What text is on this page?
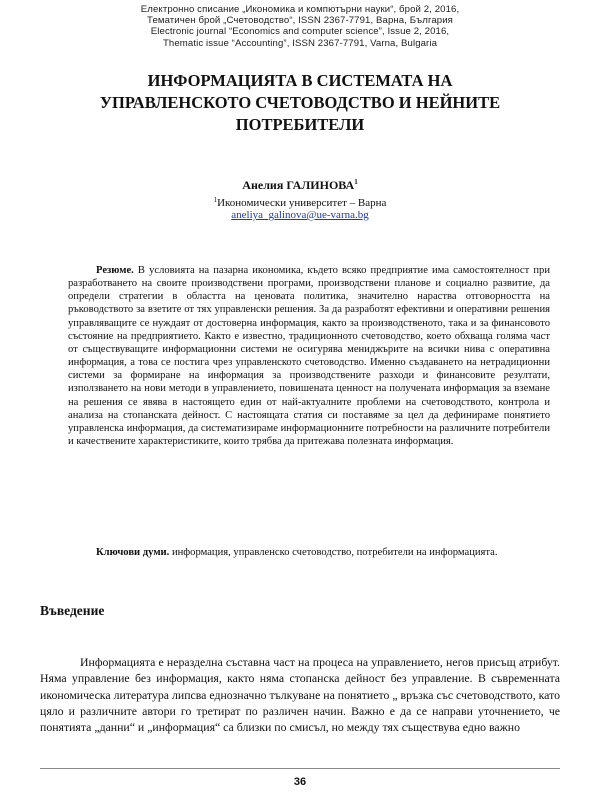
Електронно списание „Икономика и компютърни науки“, брой 2, 2016,
Тематичен брой „Счетоводство“, ISSN 2367-7791, Варна, България
Electronic journal “Economics and computer science”, Issue 2, 2016,
Thematic issue “Accounting”, ISSN 2367-7791, Varna, Bulgaria
ИНФОРМАЦИЯТА В СИСТЕМАТА НА
УПРАВЛЕНСКОТО СЧЕТОВОДСТВО И НЕЙНИТЕ
ПОТРЕБИТЕЛИ
Анелия ГАЛИНОВА$^1$
$^1$Икономически университет – Варна
aneliya_galinova@ue-varna.bg

Резюме. В условията на пазарна икономика, където всяко предприятие има самостоятелност при разработването на своите производствени програми, производствени планове и социално развитие, да определи стратегии в областта на ценовата политика, значително нараства отговорността на ръководството за взетите от тях управленски решения. За да разработят ефективни и оперативни решения управляващите се нуждаят от достоверна информация, както за производственото, така и за финансовото състояние на предприятието. Както е известно, традиционното счетоводство, което обхваща голяма част от съществуващите информационни системи не осигурява мениджърите на всички нива с оперативна информация, а това се постига чрез управленското счетоводство. Именно създаването на нетрадиционни системи за формиране на информация за производствените разходи и финансовите резултати, използването на нови методи в управлението, повишената ценност на получената информация за вземане на решения се явява в настоящето един от най-актуалните проблеми на счетоводството, контрола и анализа на стопанската дейност. С настоящата статия си поставяме за цел да дефинираме понятието управленска информация, да систематизираме информационните потребности на различните потребители и качествените характеристиките, които трябва да притежава полезната информация.

Ключови думи. информация, управленско счетоводство, потребители на информацията.

Въведение

Информацията е неразделна съставна част на процеса на управлението, негов присъщ атрибут. Няма управление без информация, както няма стопанска дейност без управление. В съвременната икономическа литература липсва еднозначно тълкуване на понятието „ връзка със счетоводството, като цяло и различните автори го третират по различен начин. Важно е да се направи уточнението, че понятията „данни“ и „информация“ са близки по смисъл, но между тях съществува едно важно

36
